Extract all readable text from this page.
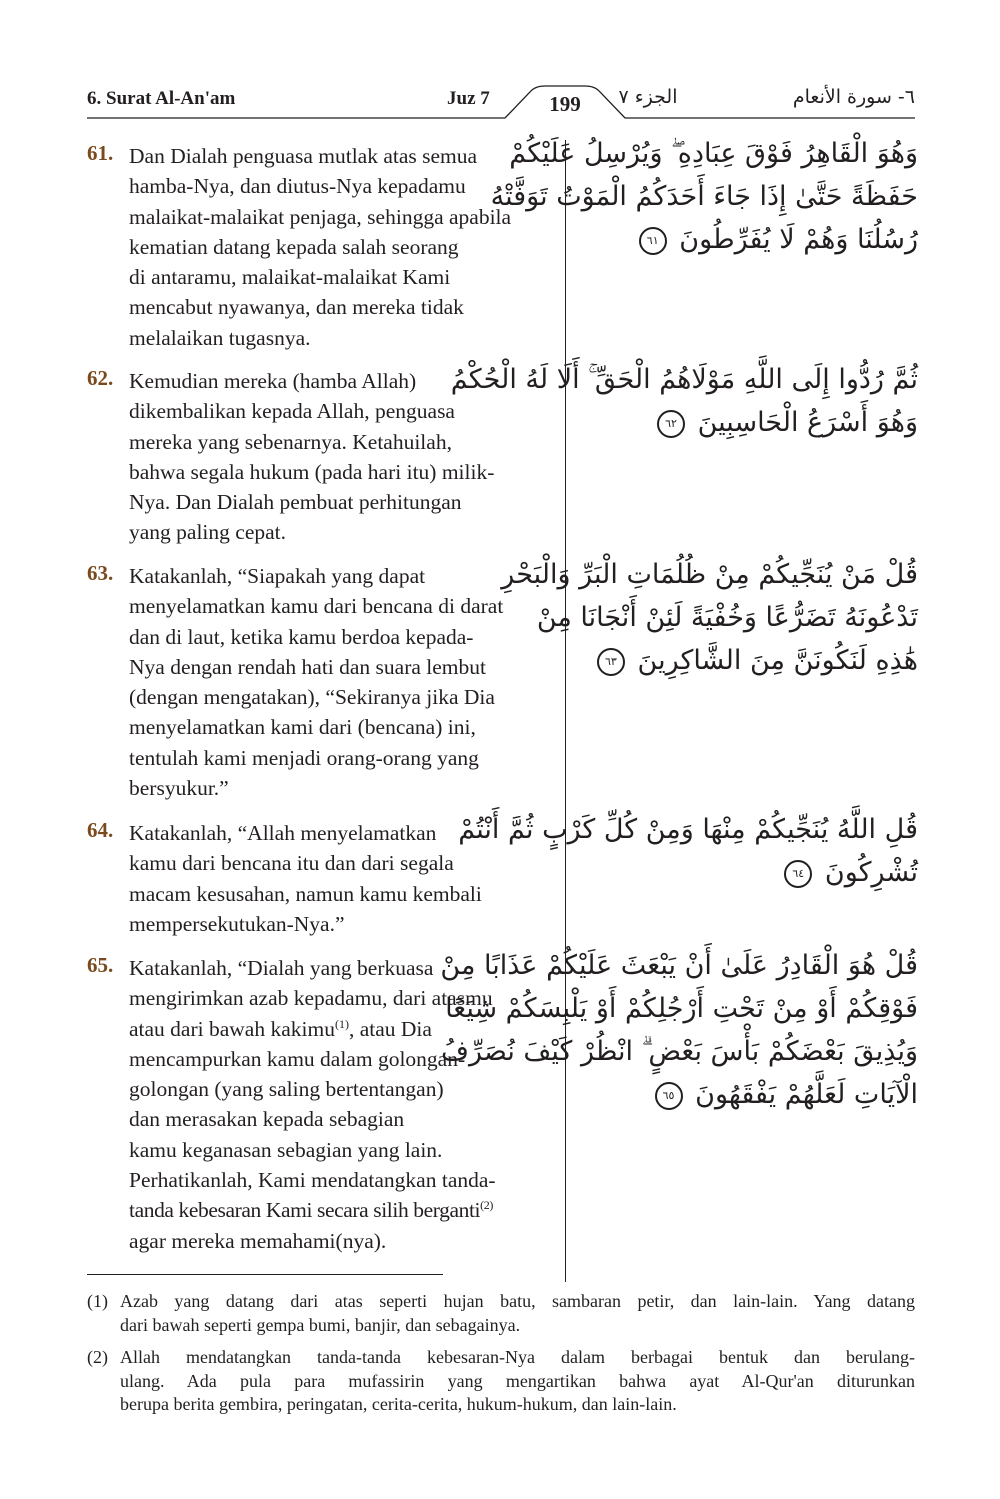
6. Surat Al-An'am	Juz 7	199	الجزء ٧	٦- سورة الأنعام
61. Dan Dialah penguasa mutlak atas semua
hamba-Nya, dan diutus-Nya kepadamu
malaikat-malaikat penjaga, sehingga apabila
kematian datang kepada salah seorang
di antaramu, malaikat-malaikat Kami
mencabut nyawanya, dan mereka tidak
melalaikan tugasnya.
وَهُوَ الْقَاهِرُ فَوْقَ عِبَادِهِ ۖ وَيُرْسِلُ عَلَيْكُمْ
حَفَظَةً حَتَّىٰ إِذَا جَاءَ أَحَدَكُمُ الْمَوْتُ تَوَفَّتْهُ
رُسُلُنَا وَهُمْ لَا يُفَرِّطُونَ ٦١
62. Kemudian mereka (hamba Allah)
dikembalikan kepada Allah, penguasa
mereka yang sebenarnya. Ketahuilah,
bahwa segala hukum (pada hari itu) milik-
Nya. Dan Dialah pembuat perhitungan
yang paling cepat.
ثُمَّ رُدُّوا إِلَى اللَّهِ مَوْلَاهُمُ الْحَقِّ ۚ أَلَا لَهُ الْحُكْمُ
وَهُوَ أَسْرَعُ الْحَاسِبِينَ ٦٢
63. Katakanlah, “Siapakah yang dapat
menyelamatkan kamu dari bencana di darat
dan di laut, ketika kamu berdoa kepada-
Nya dengan rendah hati dan suara lembut
(dengan mengatakan), “Sekiranya jika Dia
menyelamatkan kami dari (bencana) ini,
tentulah kami menjadi orang-orang yang
bersyukur.”
قُلْ مَنْ يُنَجِّيكُمْ مِنْ ظُلُمَاتِ الْبَرِّ وَالْبَحْرِ
تَدْعُونَهُ تَضَرُّعًا وَخُفْيَةً لَئِنْ أَنْجَانَا مِنْ
هَٰذِهِ لَنَكُونَنَّ مِنَ الشَّاكِرِينَ ٦٣
64. Katakanlah, “Allah menyelamatkan
kamu dari bencana itu dan dari segala
macam kesusahan, namun kamu kembali
mempersekutukan-Nya.”
قُلِ اللَّهُ يُنَجِّيكُمْ مِنْهَا وَمِنْ كُلِّ كَرْبٍ ثُمَّ أَنْتُمْ
تُشْرِكُونَ ٦٤
65. Katakanlah, “Dialah yang berkuasa
mengirimkan azab kepadamu, dari atasmu
atau dari bawah kakimu$^{(1)}$, atau Dia
mencampurkan kamu dalam golongan-
golongan (yang saling bertentangan)
dan merasakan kepada sebagian
kamu keganasan sebagian yang lain.
Perhatikanlah, Kami mendatangkan tanda-
tanda kebesaran Kami secara silih berganti$^{(2)}$
agar mereka memahami(nya).
قُلْ هُوَ الْقَادِرُ عَلَىٰ أَنْ يَبْعَثَ عَلَيْكُمْ عَذَابًا مِنْ
فَوْقِكُمْ أَوْ مِنْ تَحْتِ أَرْجُلِكُمْ أَوْ يَلْبِسَكُمْ شِيَعًا
وَيُذِيقَ بَعْضَكُمْ بَأْسَ بَعْضٍ ۗ انْظُرْ كَيْفَ نُصَرِّفُ
الْآيَاتِ لَعَلَّهُمْ يَفْقَهُونَ ٦٥
(1) Azab yang datang dari atas seperti hujan batu, sambaran petir, dan lain-lain. Yang datang
dari bawah seperti gempa bumi, banjir, dan sebagainya.
(2) Allah mendatangkan tanda-tanda kebesaran-Nya dalam berbagai bentuk dan berulang-
ulang. Ada pula para mufassirin yang mengartikan bahwa ayat Al-Qur'an diturunkan
berupa berita gembira, peringatan, cerita-cerita, hukum-hukum, dan lain-lain.
